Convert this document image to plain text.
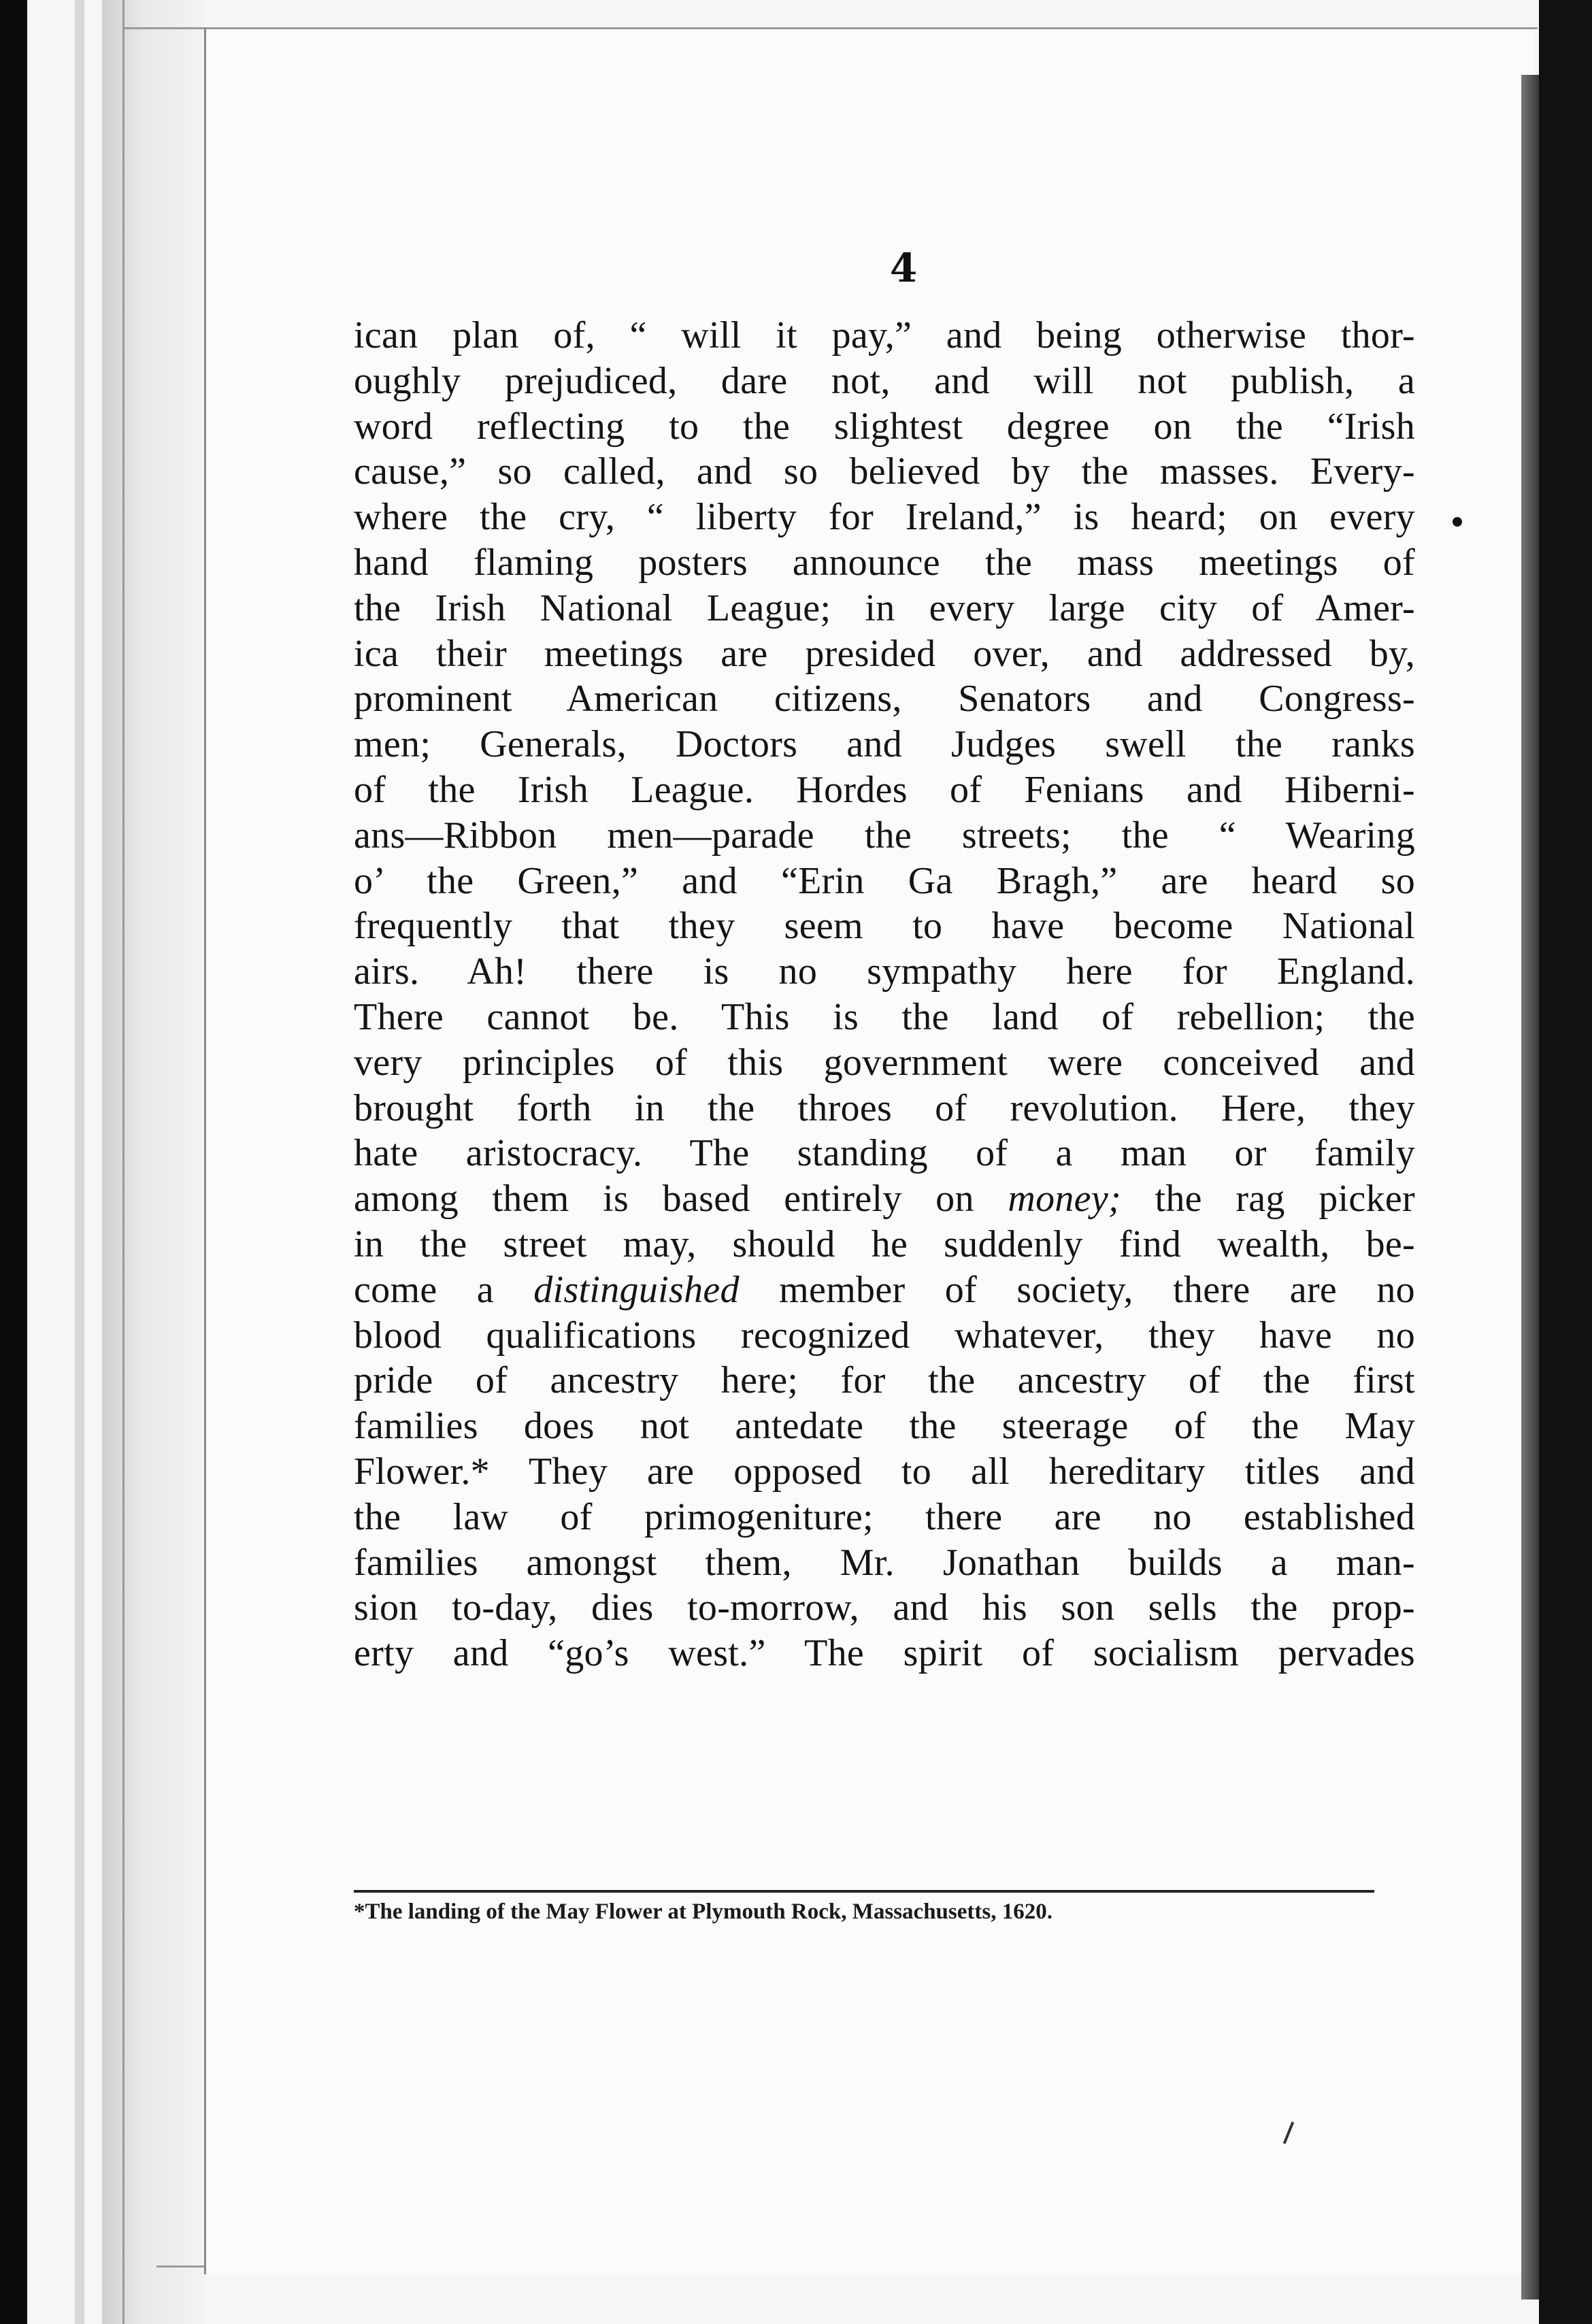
4
ican plan of, “ will it pay,” and being otherwise thor-
oughly prejudiced, dare not, and will not publish, a
word reflecting to the slightest degree on the “Irish
cause,” so called, and so believed by the masses. Every-
where the cry, “ liberty for Ireland,” is heard; on every
hand flaming posters announce the mass meetings of
the Irish National League; in every large city of Amer-
ica their meetings are presided over, and addressed by,
prominent American citizens, Senators and Congress-
men; Generals, Doctors and Judges swell the ranks
of the Irish League. Hordes of Fenians and Hiberni-
ans—Ribbon men—parade the streets; the “ Wearing
o’ the Green,” and “Erin Ga Bragh,” are heard so
frequently that they seem to have become National
airs. Ah! there is no sympathy here for England.
There cannot be. This is the land of rebellion; the
very principles of this government were conceived and
brought forth in the throes of revolution. Here, they
hate aristocracy. The standing of a man or family
among them is based entirely on money; the rag picker
in the street may, should he suddenly find wealth, be-
come a distinguished member of society, there are no
blood qualifications recognized whatever, they have no
pride of ancestry here; for the ancestry of the first
families does not antedate the steerage of the May
Flower.* They are opposed to all hereditary titles and
the law of primogeniture; there are no established
families amongst them, Mr. Jonathan builds a man-
sion to-day, dies to-morrow, and his son sells the prop-
erty and “go’s west.” The spirit of socialism pervades
*The landing of the May Flower at Plymouth Rock, Massachusetts, 1620.
